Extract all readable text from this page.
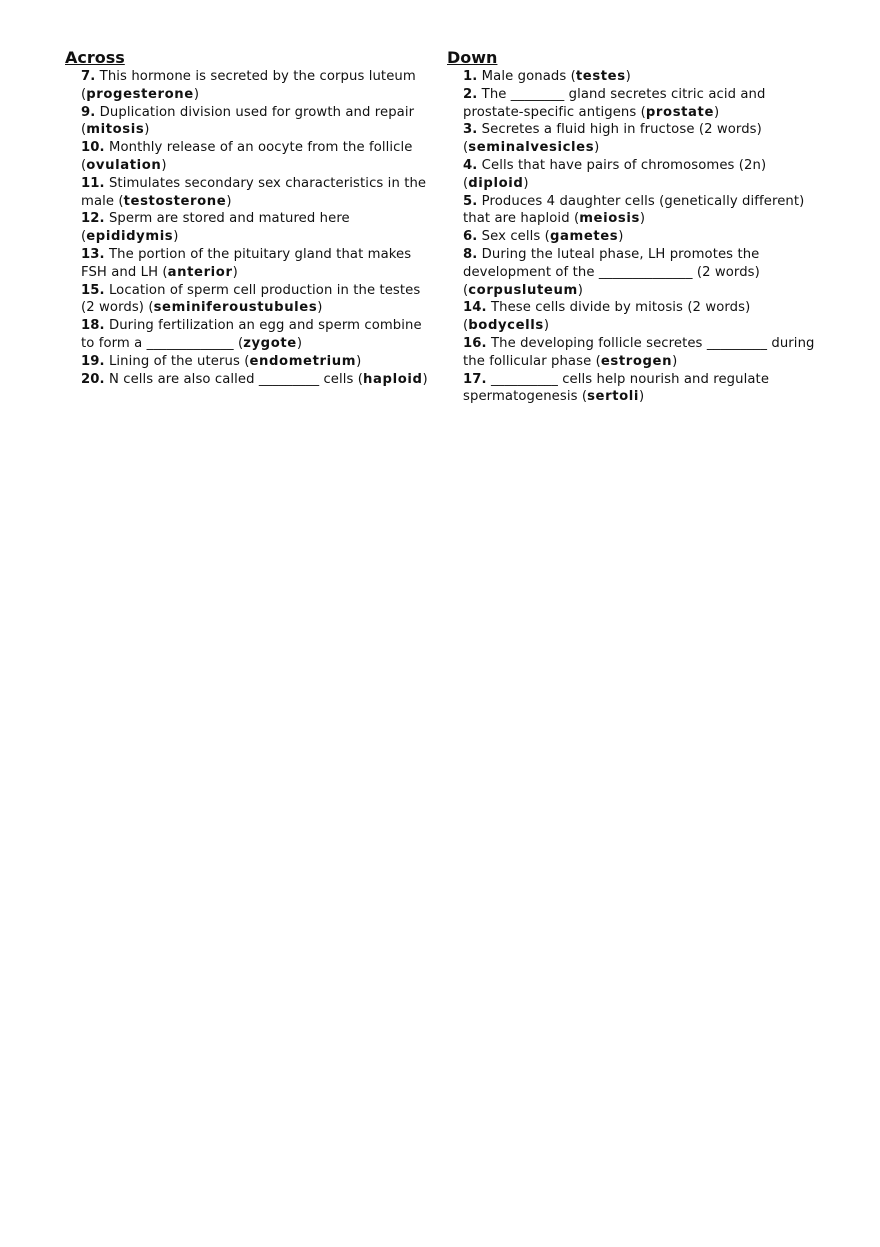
Across
7. This hormone is secreted by the corpus luteum (progesterone)
9. Duplication division used for growth and repair (mitosis)
10. Monthly release of an oocyte from the follicle (ovulation)
11. Stimulates secondary sex characteristics in the male (testosterone)
12. Sperm are stored and matured here (epididymis)
13. The portion of the pituitary gland that makes FSH and LH (anterior)
15. Location of sperm cell production in the testes (2 words) (seminiferoustubules)
18. During fertilization an egg and sperm combine to form a _____________ (zygote)
19. Lining of the uterus (endometrium)
20. N cells are also called _________ cells (haploid)
Down
1. Male gonads (testes)
2. The ________ gland secretes citric acid and prostate-specific antigens (prostate)
3. Secretes a fluid high in fructose (2 words) (seminalvesicles)
4. Cells that have pairs of chromosomes (2n) (diploid)
5. Produces 4 daughter cells (genetically different) that are haploid (meiosis)
6. Sex cells (gametes)
8. During the luteal phase, LH promotes the development of the ______________ (2 words) (corpusluteum)
14. These cells divide by mitosis (2 words) (bodycells)
16. The developing follicle secretes _________ during the follicular phase (estrogen)
17. __________ cells help nourish and regulate spermatogenesis (sertoli)
